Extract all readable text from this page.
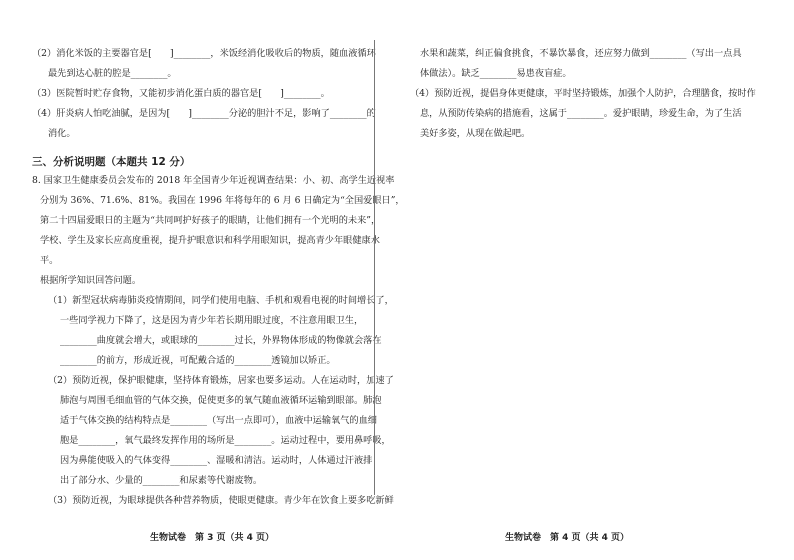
（2）消化米饭的主要器官是[　　]________，米饭经消化吸收后的物质，随血液循环
最先到达心脏的腔是________。
（3）医院暂时贮存食物，又能初步消化蛋白质的器官是[　　]________。
（4）肝炎病人怕吃油腻，是因为[　　]________分泌的胆汁不足，影响了________的
消化。
三、分析说明题（本题共 12 分）
8. 国家卫生健康委员会发布的 2018 年全国青少年近视调查结果：小、初、高学生近视率
分别为 36%、71.6%、81%。我国在 1996 年将每年的 6 月 6 日确定为“全国爱眼日”，
第二十四届爱眼日的主题为“共同呵护好孩子的眼睛，让他们拥有一个光明的未来”，
学校、学生及家长应高度重视，提升护眼意识和科学用眼知识，提高青少年眼健康水
平。
根据所学知识回答问题。
（1）新型冠状病毒肺炎疫情期间，同学们使用电脑、手机和观看电视的时间增长了，
一些同学视力下降了，这是因为青少年若长期用眼过度，不注意用眼卫生，
________曲度就会增大，或眼球的________过长，外界物体形成的物像就会落在
________的前方，形成近视，可配戴合适的________透镜加以矫正。
（2）预防近视，保护眼健康，坚持体育锻炼，居家也要多运动。人在运动时，加速了
肺泡与周围毛细血管的气体交换，促使更多的氧气随血液循环运输到眼部。肺泡
适于气体交换的结构特点是________（写出一点即可），血液中运输氧气的血细
胞是________，氧气最终发挥作用的场所是________。运动过程中，要用鼻呼吸，
因为鼻能使吸入的气体变得________、湿暖和清洁。运动时，人体通过汗液排
出了部分水、少量的________和尿素等代谢废物。
（3）预防近视，为眼球提供各种营养物质，使眼更健康。青少年在饮食上要多吃新鲜
生物试卷　第 3 页（共 4 页）
水果和蔬菜，纠正偏食挑食，不暴饮暴食，还应努力做到________（写出一点具
体做法）。缺乏________易患夜盲症。
（4）预防近视，提倡身体更健康，平时坚持锻炼，加强个人防护，合理膳食，按时作
息，从预防传染病的措施看，这属于________。爱护眼睛，珍爱生命，为了生活
美好多姿，从现在做起吧。
生物试卷　第 4 页（共 4 页）
